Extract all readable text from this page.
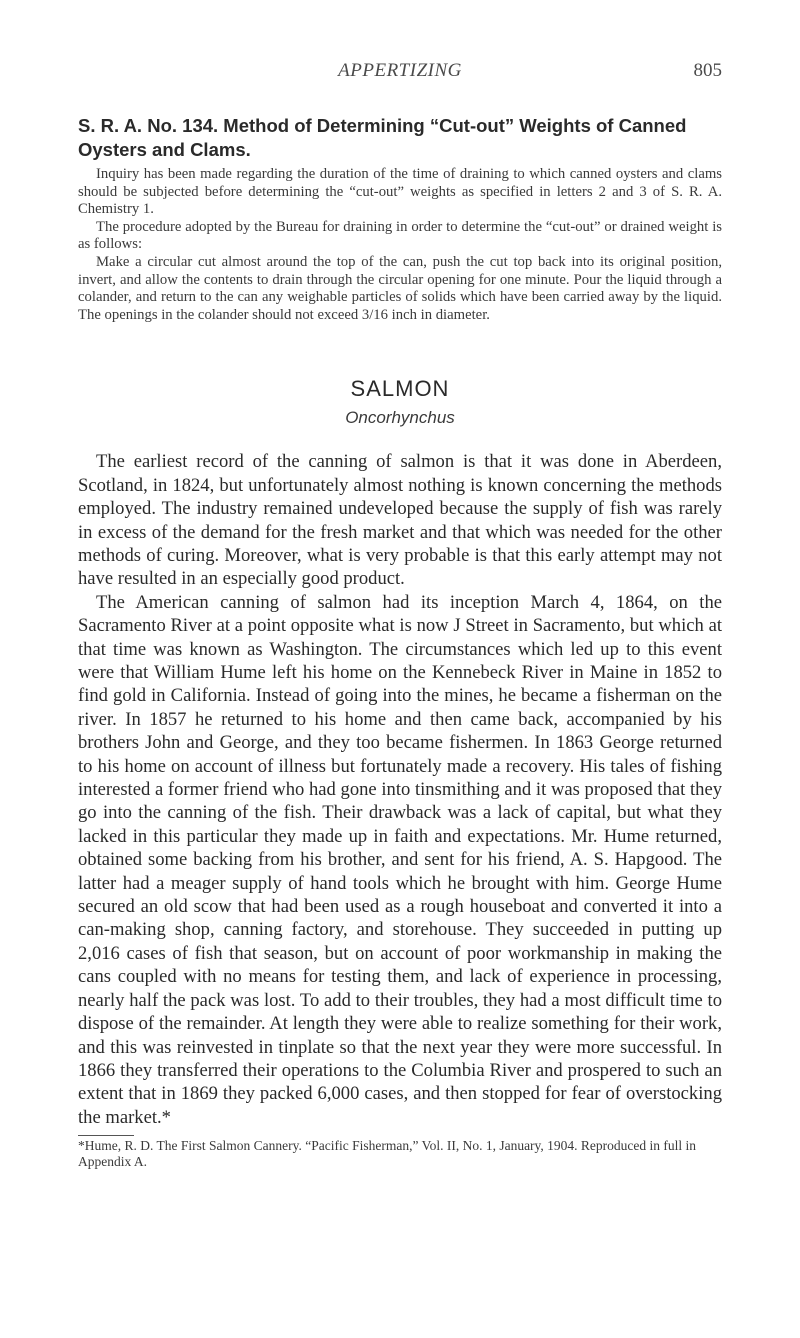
APPERTIZING	805
S. R. A. No. 134. Method of Determining “Cut-out” Weights of Canned Oysters and Clams.

Inquiry has been made regarding the duration of the time of draining to which canned oysters and clams should be subjected before determining the “cut-out” weights as specified in letters 2 and 3 of S. R. A. Chemistry 1.

The procedure adopted by the Bureau for draining in order to determine the “cut-out” or drained weight is as follows:

Make a circular cut almost around the top of the can, push the cut top back into its original position, invert, and allow the contents to drain through the circular opening for one minute. Pour the liquid through a colander, and return to the can any weighable particles of solids which have been carried away by the liquid. The openings in the colander should not exceed 3/16 inch in diameter.

SALMON
Oncorhynchus

The earliest record of the canning of salmon is that it was done in Aberdeen, Scotland, in 1824, but unfortunately almost nothing is known concerning the methods employed. The industry remained undeveloped because the supply of fish was rarely in excess of the demand for the fresh market and that which was needed for the other methods of curing. Moreover, what is very probable is that this early attempt may not have resulted in an especially good product.

The American canning of salmon had its inception March 4, 1864, on the Sacramento River at a point opposite what is now J Street in Sacramento, but which at that time was known as Washington. The circumstances which led up to this event were that William Hume left his home on the Kennebeck River in Maine in 1852 to find gold in California. Instead of going into the mines, he became a fisherman on the river. In 1857 he returned to his home and then came back, accompanied by his brothers John and George, and they too became fishermen. In 1863 George returned to his home on account of illness but fortunately made a recovery. His tales of fishing interested a former friend who had gone into tinsmithing and it was proposed that they go into the canning of the fish. Their drawback was a lack of capital, but what they lacked in this particular they made up in faith and expectations. Mr. Hume returned, obtained some backing from his brother, and sent for his friend, A. S. Hapgood. The latter had a meager supply of hand tools which he brought with him. George Hume secured an old scow that had been used as a rough houseboat and converted it into a can-making shop, canning factory, and storehouse. They succeeded in putting up 2,016 cases of fish that season, but on account of poor workmanship in making the cans coupled with no means for testing them, and lack of experience in processing, nearly half the pack was lost. To add to their troubles, they had a most difficult time to dispose of the remainder. At length they were able to realize something for their work, and this was reinvested in tinplate so that the next year they were more successful. In 1866 they transferred their operations to the Columbia River and prospered to such an extent that in 1869 they packed 6,000 cases, and then stopped for fear of overstocking the market.*

*Hume, R. D. The First Salmon Cannery. “Pacific Fisherman,” Vol. II, No. 1, January, 1904. Reproduced in full in Appendix A.
